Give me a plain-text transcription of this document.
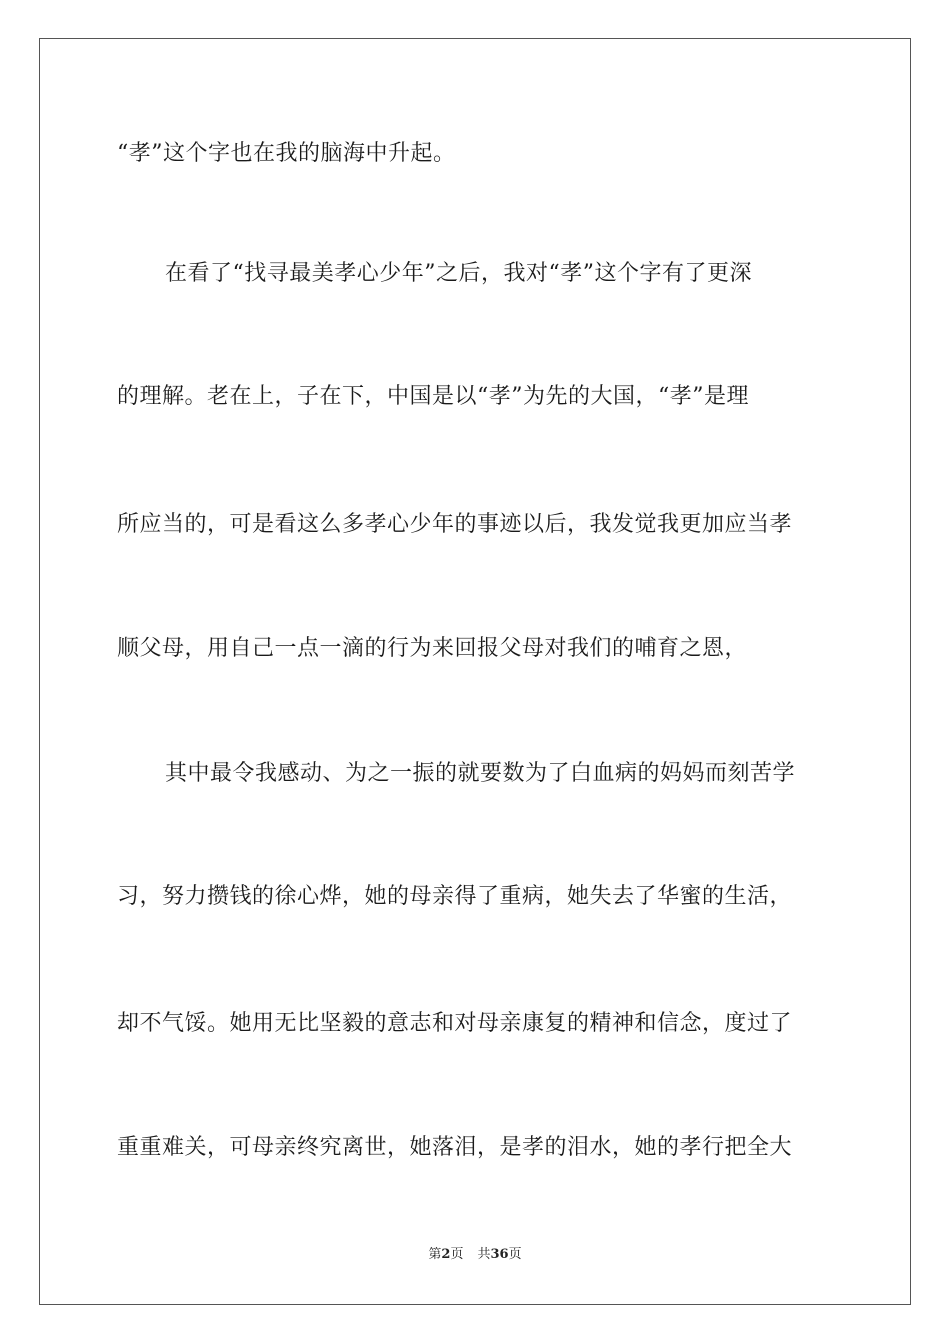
“孝”这个字也在我的脑海中升起。
在看了“找寻最美孝心少年”之后，我对“孝”这个字有了更深
的理解。老在上，子在下，中国是以“孝”为先的大国，“孝”是理
所应当的，可是看这么多孝心少年的事迹以后，我发觉我更加应当孝
顺父母，用自己一点一滴的行为来回报父母对我们的哺育之恩，
其中最令我感动、为之一振的就要数为了白血病的妈妈而刻苦学
习，努力攒钱的徐心烨，她的母亲得了重病，她失去了华蜜的生活，
却不气馁。她用无比坚毅的意志和对母亲康复的精神和信念，度过了
重重难关，可母亲终究离世，她落泪，是孝的泪水，她的孝行把全大
第2页 共36页
